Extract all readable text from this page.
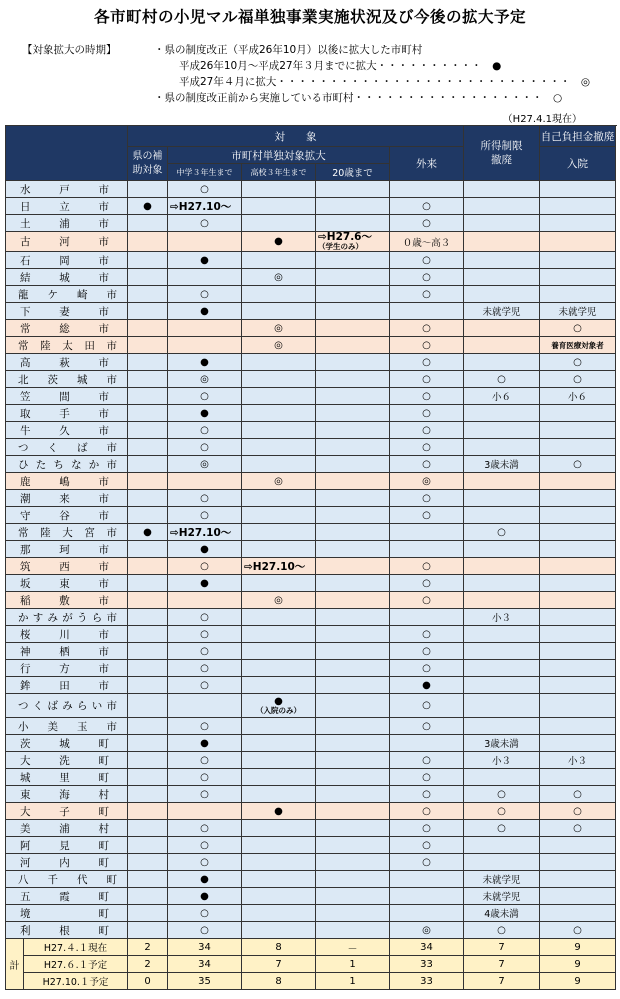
各市町村の小児マル福単独事業実施状況及び今後の拡大予定
【対象拡大の時期】	・県の制度改正（平成26年10月）以後に拡大した市町村
平成26年10月～平成27年３月までに拡大・・・・・・・・・・　●
平成27年４月に拡大・・・・・・・・・・・・・・・・・・・・・・・・・・・・　◎
・県の制度改正前から実施している市町村・・・・・・・・・・・・・・・・・・　○
（H27.4.1現在）
		対　　象					所得制限撤廃	自己負担金撤廃
		県の補助対象	市町村単独対象拡大			外来		入院
			中学３年生まで	高校３年生まで	20歳まで			
水戸市			○					
日立市		●	⇨H27.10～			○		
土浦市			○			○		
古河市				●	⇨H27.6～
（学生のみ）	０歳～高３		
石岡市			●			○		
結城市				◎		○		
龍ケ崎市			○			○		
下妻市			●				未就学児	未就学児
常総市				◎		○		○
常陸太田市				◎		○		養育医療対象者
高萩市			●			○		○
北茨城市			◎			○	○	○
笠間市			○			○	小６	小６
取手市			●			○		
牛久市			○			○		
つくば市			○			○		
ひたちなか市			◎			○	3歳未満	○
鹿嶋市				◎		◎		
潮来市			○			○		
守谷市			○			○		
常陸大宮市		●	⇨H27.10～				○	
那珂市			●					
筑西市			○	⇨H27.10～		○		
坂東市			●			○		
稲敷市				◎		○		
かすみがうら市			○				小３	
桜川市			○			○		
神栖市			○			○		
行方市			○			○		
鉾田市			○			●		
つくばみらい市				●
（入院のみ）		○		
小美玉市			○			○		
茨城町			●				3歳未満	
大洗町			○			○	小３	小３
城里町			○			○		
東海村			○			○	○	○
大子町				●		○	○	○
美浦村			○			○	○	○
阿見町			○			○		
河内町			○			○		
八千代町			●				未就学児	
五霞町			●				未就学児	
境町			○				4歳未満	
利根町			○			◎	○	○
計	H27.４.１現在	2	34	8	－	34	7	9
	H27.６.１予定	2	34	7	1	33	7	9
	H27.10.１予定	0	35	8	1	33	7	9
